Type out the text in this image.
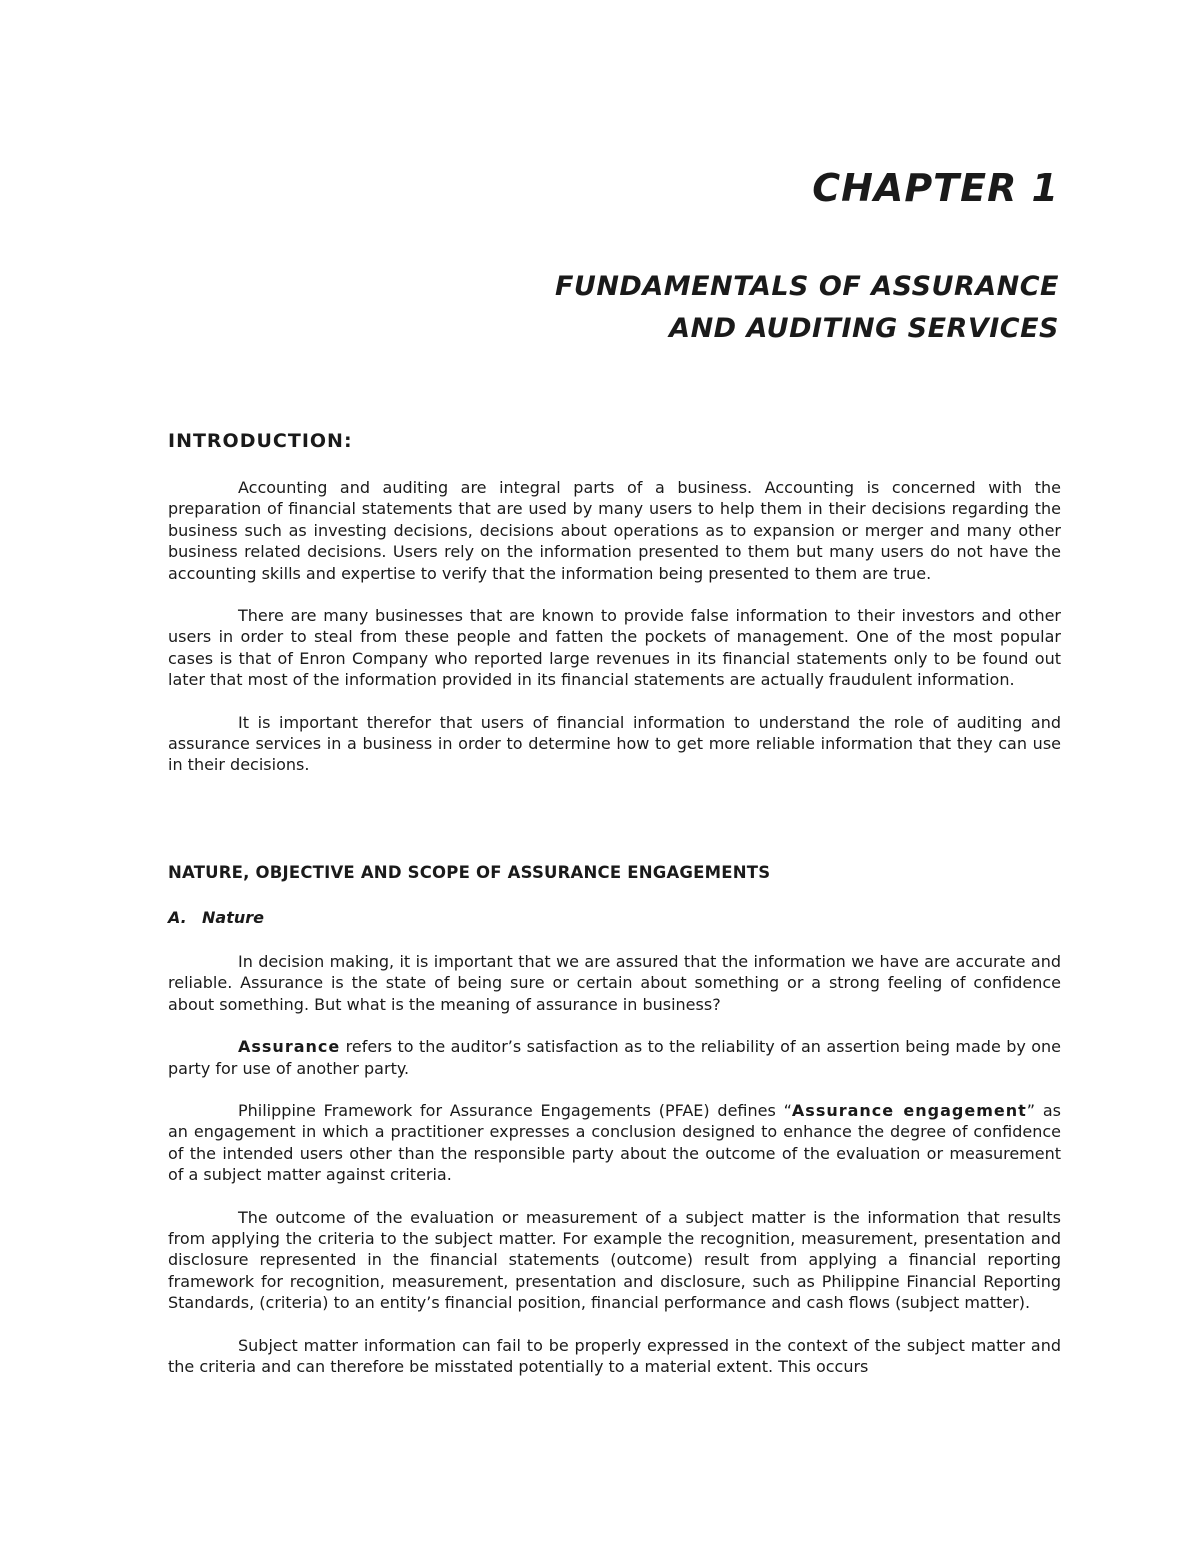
CHAPTER 1
FUNDAMENTALS OF ASSURANCE
AND AUDITING SERVICES
INTRODUCTION:

Accounting and auditing are integral parts of a business. Accounting is concerned with the preparation of financial statements that are used by many users to help them in their decisions regarding the business such as investing decisions, decisions about operations as to expansion or merger and many other business related decisions. Users rely on the information presented to them but many users do not have the accounting skills and expertise to verify that the information being presented to them are true.

There are many businesses that are known to provide false information to their investors and other users in order to steal from these people and fatten the pockets of management. One of the most popular cases is that of Enron Company who reported large revenues in its financial statements only to be found out later that most of the information provided in its financial statements are actually fraudulent information.

It is important therefor that users of financial information to understand the role of auditing and assurance services in a business in order to determine how to get more reliable information that they can use in their decisions.

NATURE, OBJECTIVE AND SCOPE OF ASSURANCE ENGAGEMENTS
A. Nature

In decision making, it is important that we are assured that the information we have are accurate and reliable. Assurance is the state of being sure or certain about something or a strong feeling of confidence about something. But what is the meaning of assurance in business?

Assurance refers to the auditor’s satisfaction as to the reliability of an assertion being made by one party for use of another party.

Philippine Framework for Assurance Engagements (PFAE) defines “Assurance engagement” as an engagement in which a practitioner expresses a conclusion designed to enhance the degree of confidence of the intended users other than the responsible party about the outcome of the evaluation or measurement of a subject matter against criteria.

The outcome of the evaluation or measurement of a subject matter is the information that results from applying the criteria to the subject matter. For example the recognition, measurement, presentation and disclosure represented in the financial statements (outcome) result from applying a financial reporting framework for recognition, measurement, presentation and disclosure, such as Philippine Financial Reporting Standards, (criteria) to an entity’s financial position, financial performance and cash flows (subject matter).

Subject matter information can fail to be properly expressed in the context of the subject matter and the criteria and can therefore be misstated potentially to a material extent. This occurs
